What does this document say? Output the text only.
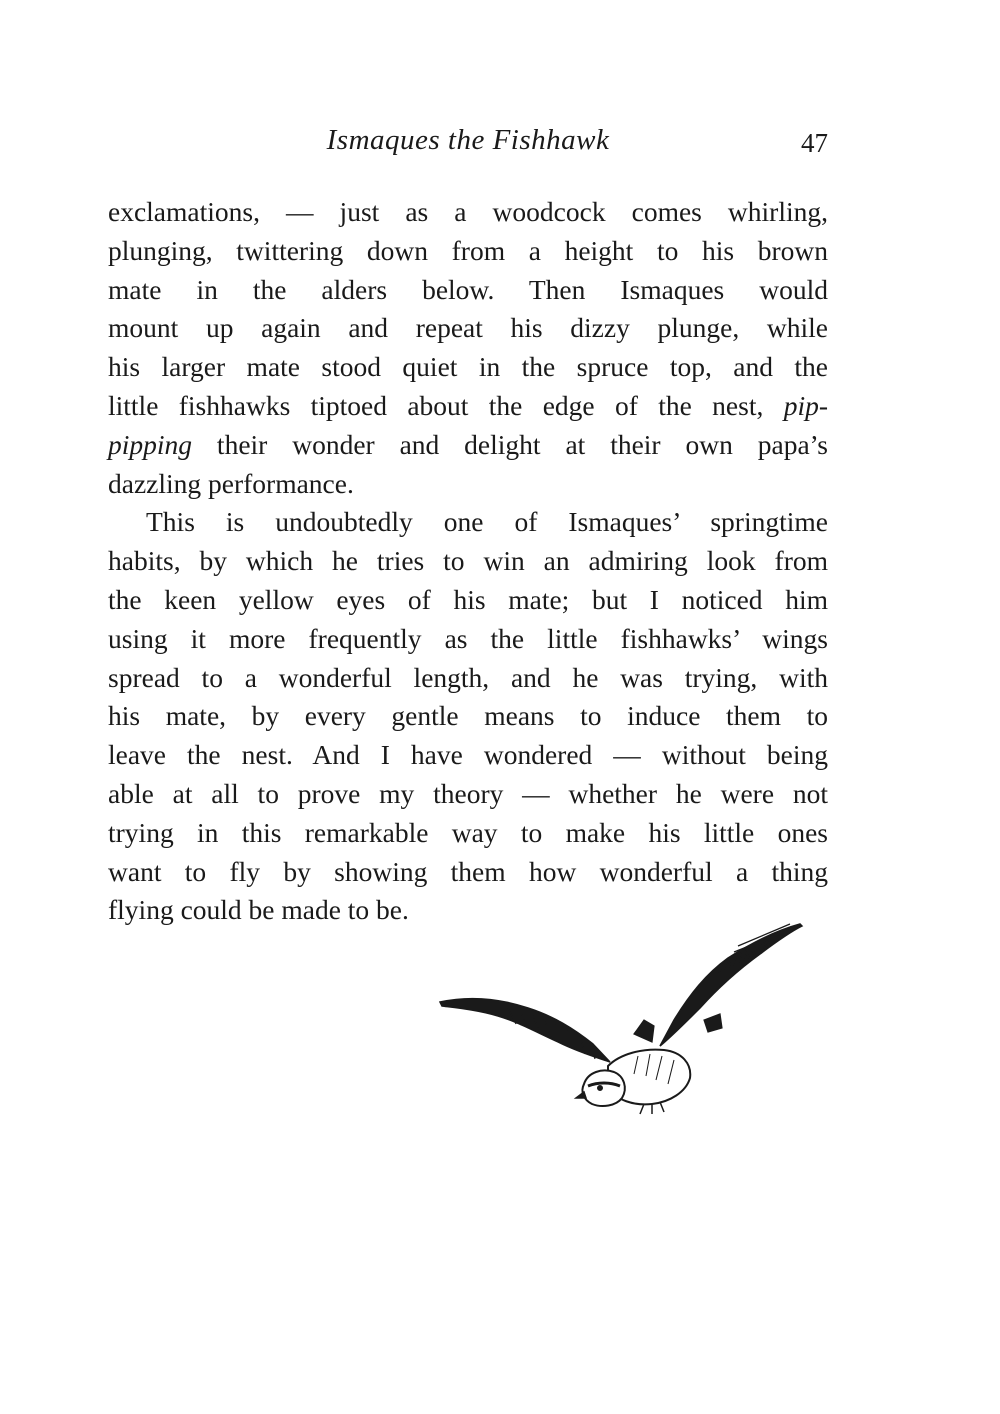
Ismaques the Fishhawk	47
exclamations, — just as a woodcock comes whirling,
plunging, twittering down from a height to his brown
mate in the alders below. Then Ismaques would
mount up again and repeat his dizzy plunge, while
his larger mate stood quiet in the spruce top, and the
little fishhawks tiptoed about the edge of the nest, pip-
pipping their wonder and delight at their own papa’s
dazzling performance.
This is undoubtedly one of Ismaques’ springtime
habits, by which he tries to win an admiring look from
the keen yellow eyes of his mate; but I noticed him
using it more frequently as the little fishhawks’ wings
spread to a wonderful length, and he was trying, with
his mate, by every gentle means to induce them to
leave the nest. And I have wondered — without being
able at all to prove my theory — whether he were not
trying in this remarkable way to make his little ones
want to fly by showing them how wonderful a thing
flying could be made to be.
